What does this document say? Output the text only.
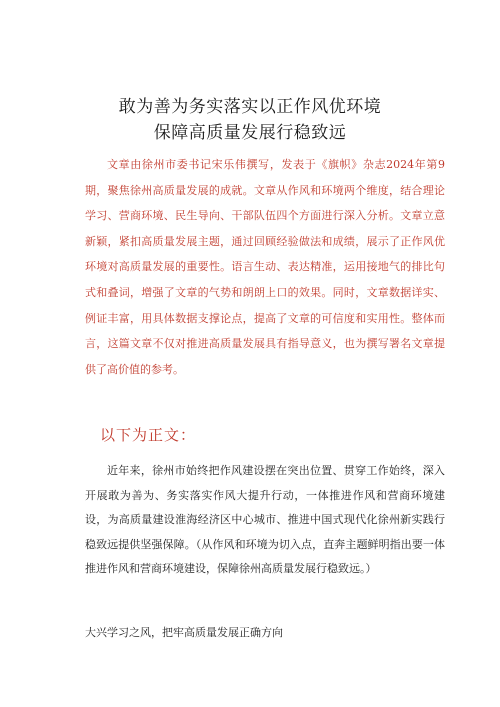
敢为善为务实落实以正作风优环境
保障高质量发展行稳致远

文章由徐州市委书记宋乐伟撰写，发表于《旗帜》杂志2024年第9期，聚焦徐州高质量发展的成就。文章从作风和环境两个维度，结合理论学习、营商环境、民生导向、干部队伍四个方面进行深入分析。文章立意新颖，紧扣高质量发展主题，通过回顾经验做法和成绩，展示了正作风优环境对高质量发展的重要性。语言生动、表达精准，运用接地气的排比句式和叠词，增强了文章的气势和朗朗上口的效果。同时，文章数据详实、例证丰富，用具体数据支撑论点，提高了文章的可信度和实用性。整体而言，这篇文章不仅对推进高质量发展具有指导意义，也为撰写署名文章提供了高价值的参考。

以下为正文：

近年来，徐州市始终把作风建设摆在突出位置、贯穿工作始终，深入开展敢为善为、务实落实作风大提升行动，一体推进作风和营商环境建设，为高质量建设淮海经济区中心城市、推进中国式现代化徐州新实践行稳致远提供坚强保障。（从作风和环境为切入点，直奔主题鲜明指出要一体推进作风和营商环境建设，保障徐州高质量发展行稳致远。）

大兴学习之风，把牢高质量发展正确方向
